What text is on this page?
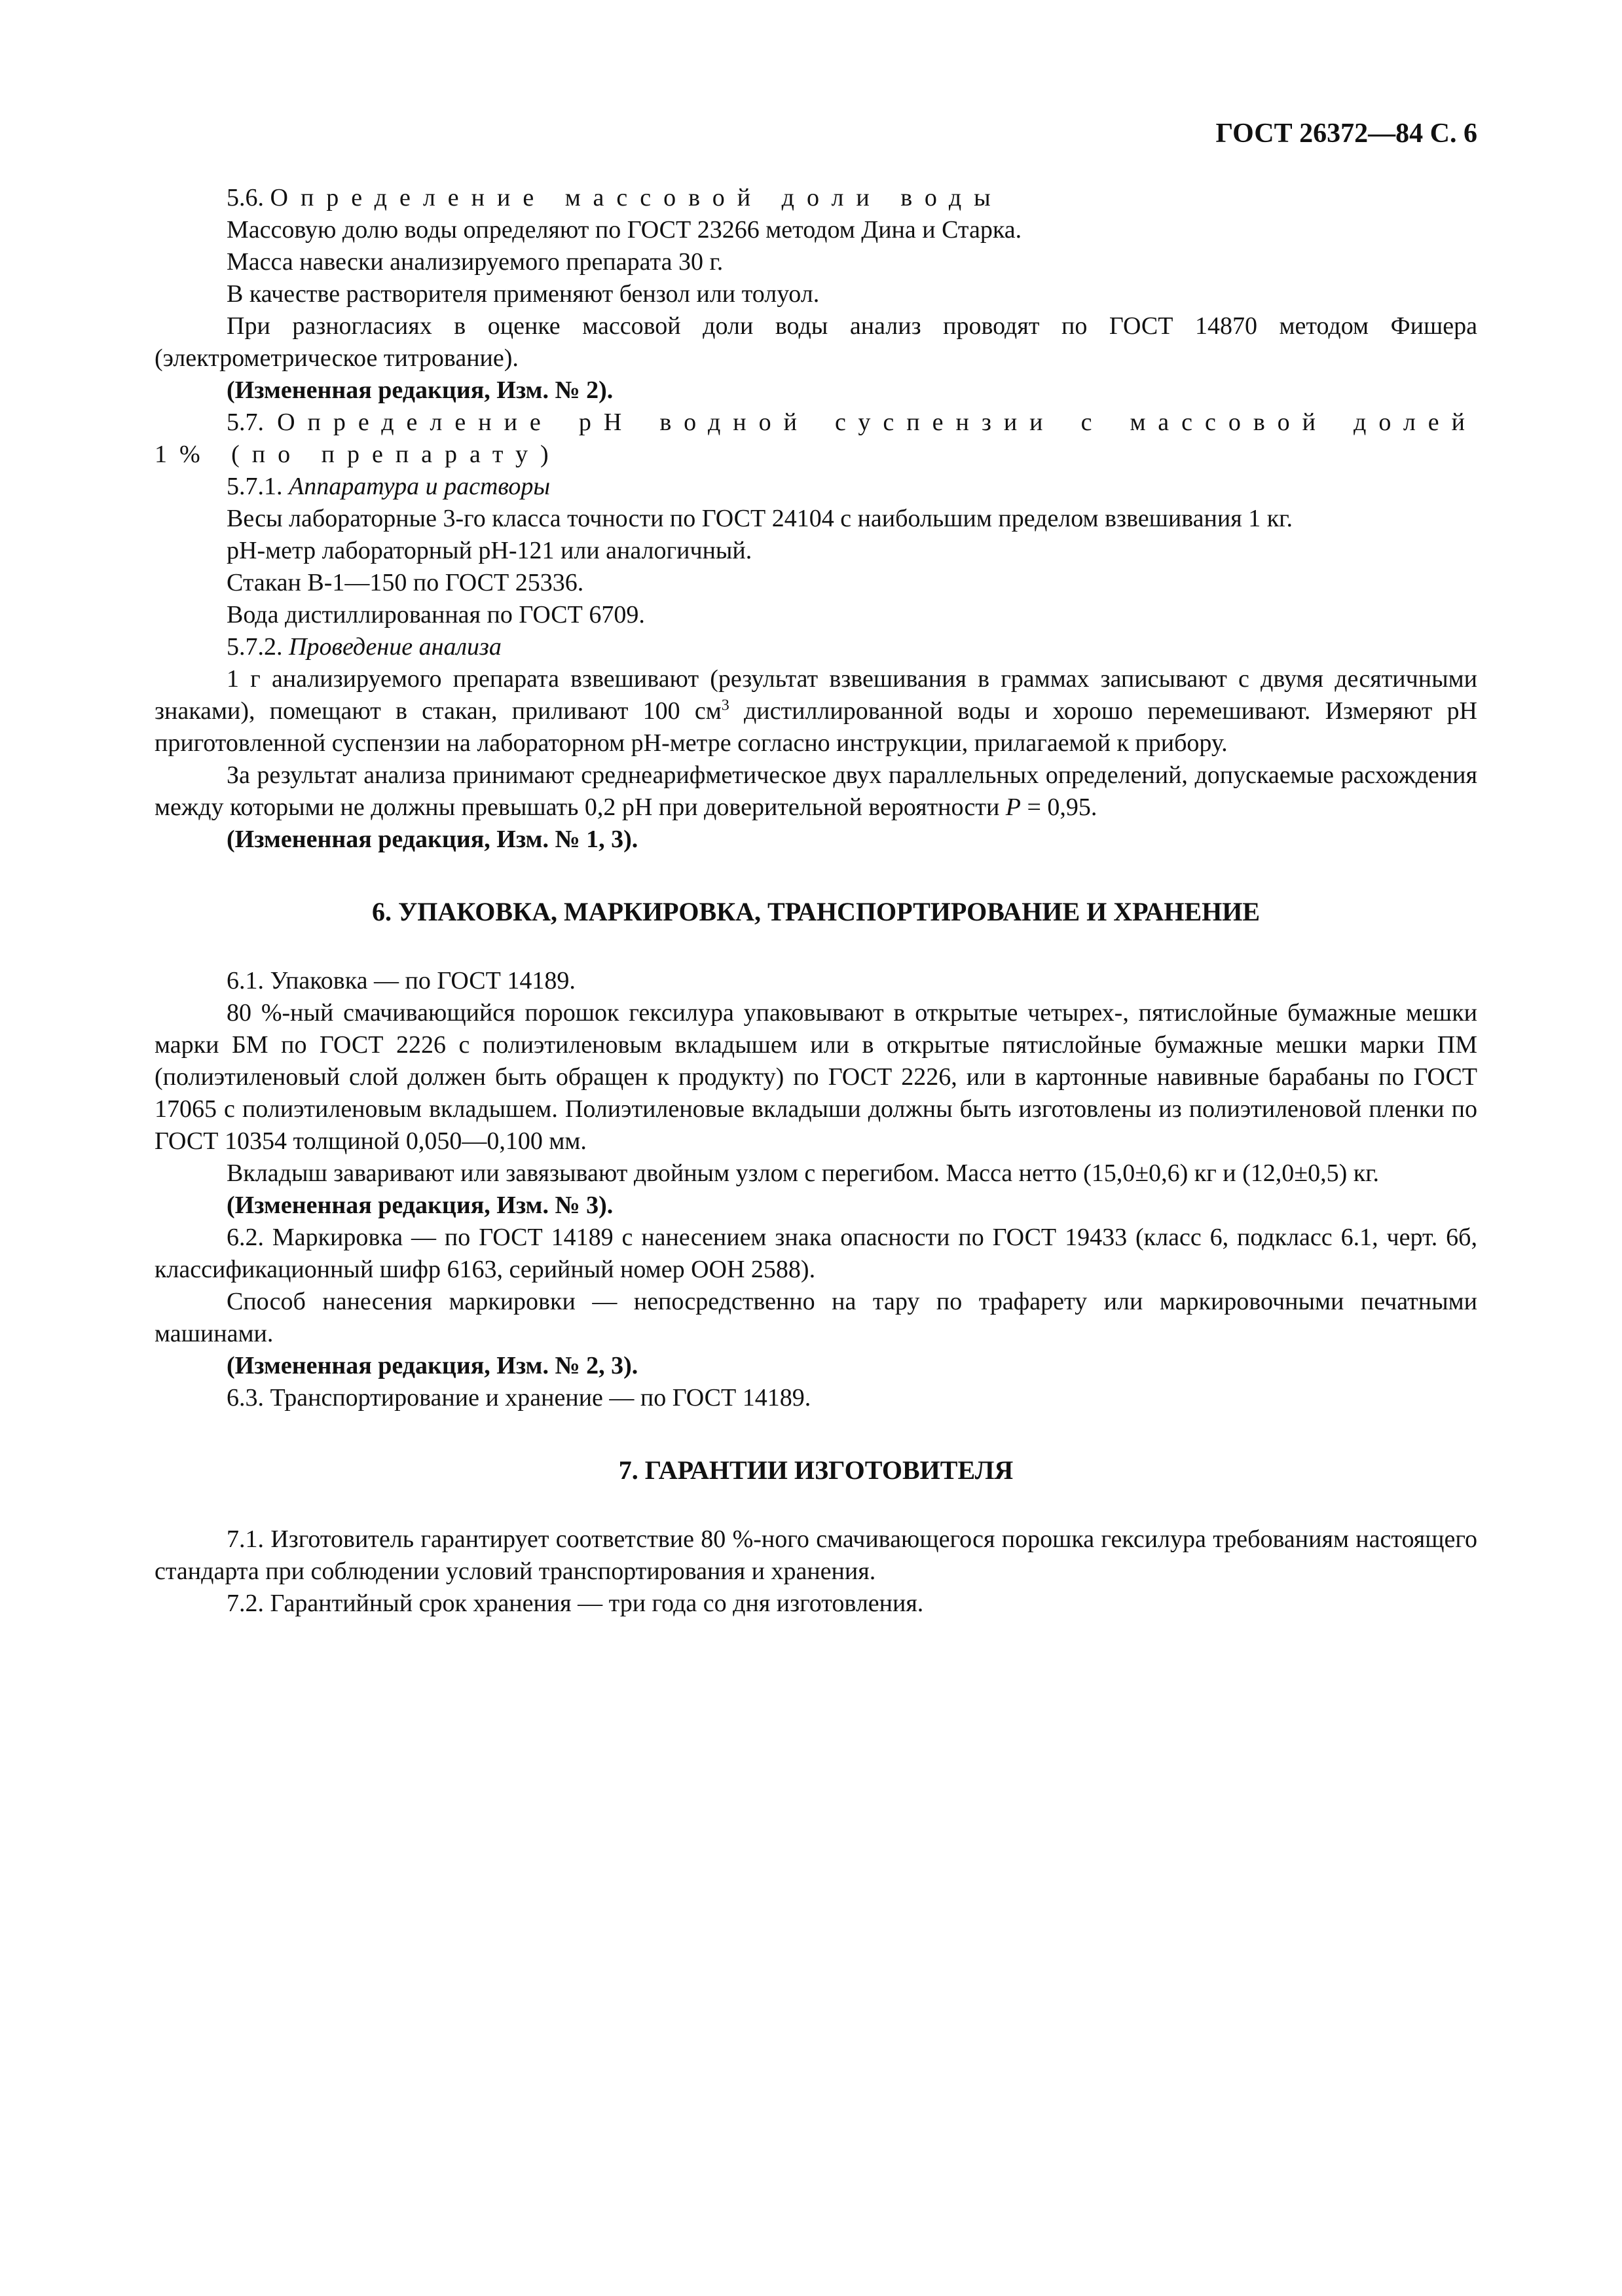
ГОСТ 26372—84 С. 6

5.6. Определение массовой доли воды

Массовую долю воды определяют по ГОСТ 23266 методом Дина и Старка.

Масса навески анализируемого препарата 30 г.

В качестве растворителя применяют бензол или толуол.

При разногласиях в оценке массовой доли воды анализ проводят по ГОСТ 14870 методом Фишера (электрометрическое титрование).

(Измененная редакция, Изм. № 2).

5.7. Определение рН водной суспензии с массовой долей 1% (по препарату)

5.7.1. Аппаратура и растворы

Весы лабораторные 3-го класса точности по ГОСТ 24104 с наибольшим пределом взвешивания 1 кг.

рН-метр лабораторный рН-121 или аналогичный.

Стакан В-1—150 по ГОСТ 25336.

Вода дистиллированная по ГОСТ 6709.

5.7.2. Проведение анализа

1 г анализируемого препарата взвешивают (результат взвешивания в граммах записывают с двумя десятичными знаками), помещают в стакан, приливают 100 $см^3$ дистиллированной воды и хорошо перемешивают. Измеряют рН приготовленной суспензии на лабораторном рН-метре согласно инструкции, прилагаемой к прибору.

За результат анализа принимают среднеарифметическое двух параллельных определений, допускаемые расхождения между которыми не должны превышать 0,2 рН при доверительной вероятности P = 0,95.

(Измененная редакция, Изм. № 1, 3).

6. УПАКОВКА, МАРКИРОВКА, ТРАНСПОРТИРОВАНИЕ И ХРАНЕНИЕ

6.1. Упаковка — по ГОСТ 14189.

80 %-ный смачивающийся порошок гексилура упаковывают в открытые четырех-, пятислойные бумажные мешки марки БМ по ГОСТ 2226 с полиэтиленовым вкладышем или в открытые пятислойные бумажные мешки марки ПМ (полиэтиленовый слой должен быть обращен к продукту) по ГОСТ 2226, или в картонные навивные барабаны по ГОСТ 17065 с полиэтиленовым вкладышем. Полиэтиленовые вкладыши должны быть изготовлены из полиэтиленовой пленки по ГОСТ 10354 толщиной 0,050—0,100 мм.

Вкладыш заваривают или завязывают двойным узлом с перегибом. Масса нетто (15,0±0,6) кг и (12,0±0,5) кг.

(Измененная редакция, Изм. № 3).

6.2. Маркировка — по ГОСТ 14189 с нанесением знака опасности по ГОСТ 19433 (класс 6, подкласс 6.1, черт. 6б, классификационный шифр 6163, серийный номер ООН 2588).

Способ нанесения маркировки — непосредственно на тару по трафарету или маркировочными печатными машинами.

(Измененная редакция, Изм. № 2, 3).

6.3. Транспортирование и хранение — по ГОСТ 14189.

7. ГАРАНТИИ ИЗГОТОВИТЕЛЯ

7.1. Изготовитель гарантирует соответствие 80 %-ного смачивающегося порошка гексилура требованиям настоящего стандарта при соблюдении условий транспортирования и хранения.

7.2. Гарантийный срок хранения — три года со дня изготовления.
